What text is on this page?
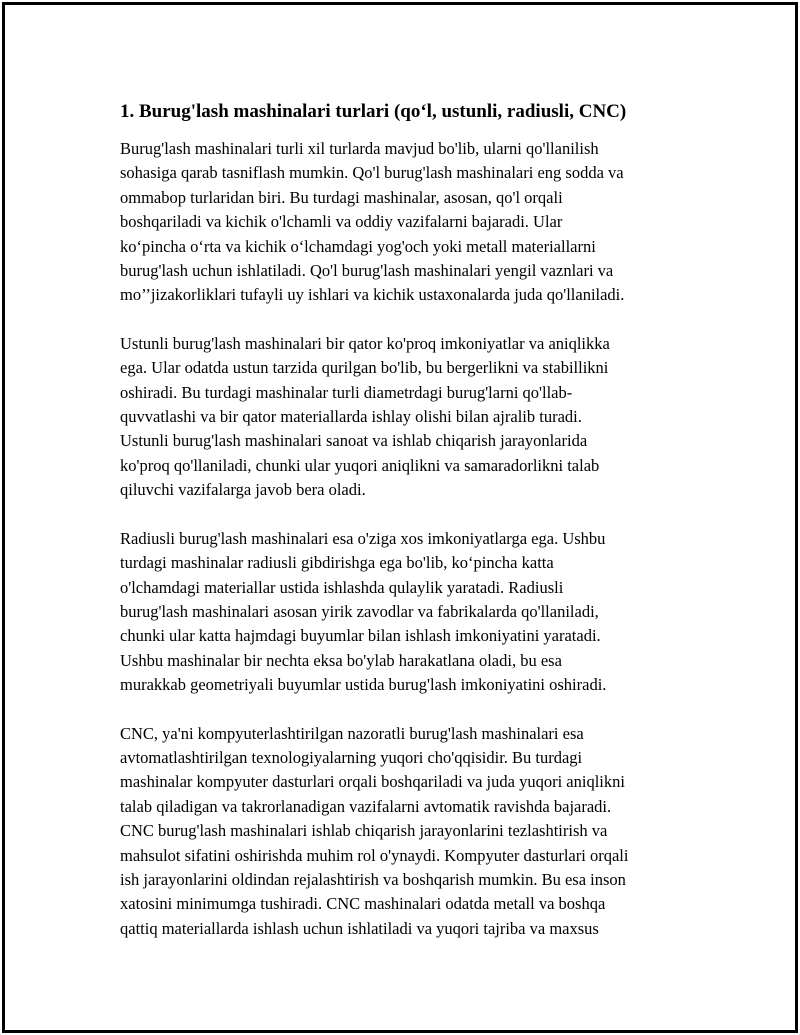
1. Burug'lash mashinalari turlari (qo‘l, ustunli, radiusli, CNC)

Burug'lash mashinalari turli xil turlarda mavjud bo'lib, ularni qo'llanilish
sohasiga qarab tasniflash mumkin. Qo'l burug'lash mashinalari eng sodda va
ommabop turlaridan biri. Bu turdagi mashinalar, asosan, qo'l orqali
boshqariladi va kichik o'lchamli va oddiy vazifalarni bajaradi. Ular
ko‘pincha o‘rta va kichik o‘lchamdagi yog'och yoki metall materiallarni
burug'lash uchun ishlatiladi. Qo'l burug'lash mashinalari yengil vaznlari va
mo’’jizakorliklari tufayli uy ishlari va kichik ustaxonalarda juda qo'llaniladi.

Ustunli burug'lash mashinalari bir qator ko'proq imkoniyatlar va aniqlikka
ega. Ular odatda ustun tarzida qurilgan bo'lib, bu bergerlikni va stabillikni
oshiradi. Bu turdagi mashinalar turli diametrdagi burug'larni qo'llab-
quvvatlashi va bir qator materiallarda ishlay olishi bilan ajralib turadi.
Ustunli burug'lash mashinalari sanoat va ishlab chiqarish jarayonlarida
ko'proq qo'llaniladi, chunki ular yuqori aniqlikni va samaradorlikni talab
qiluvchi vazifalarga javob bera oladi.

Radiusli burug'lash mashinalari esa o'ziga xos imkoniyatlarga ega. Ushbu
turdagi mashinalar radiusli gibdirishga ega bo'lib, ko‘pincha katta
o'lchamdagi materiallar ustida ishlashda qulaylik yaratadi. Radiusli
burug'lash mashinalari asosan yirik zavodlar va fabrikalarda qo'llaniladi,
chunki ular katta hajmdagi buyumlar bilan ishlash imkoniyatini yaratadi.
Ushbu mashinalar bir nechta eksa bo'ylab harakatlana oladi, bu esa
murakkab geometriyali buyumlar ustida burug'lash imkoniyatini oshiradi.

CNC, ya'ni kompyuterlashtirilgan nazoratli burug'lash mashinalari esa
avtomatlashtirilgan texnologiyalarning yuqori cho'qqisidir. Bu turdagi
mashinalar kompyuter dasturlari orqali boshqariladi va juda yuqori aniqlikni
talab qiladigan va takrorlanadigan vazifalarni avtomatik ravishda bajaradi.
CNC burug'lash mashinalari ishlab chiqarish jarayonlarini tezlashtirish va
mahsulot sifatini oshirishda muhim rol o'ynaydi. Kompyuter dasturlari orqali
ish jarayonlarini oldindan rejalashtirish va boshqarish mumkin. Bu esa inson
xatosini minimumga tushiradi. CNC mashinalari odatda metall va boshqa
qattiq materiallarda ishlash uchun ishlatiladi va yuqori tajriba va maxsus
